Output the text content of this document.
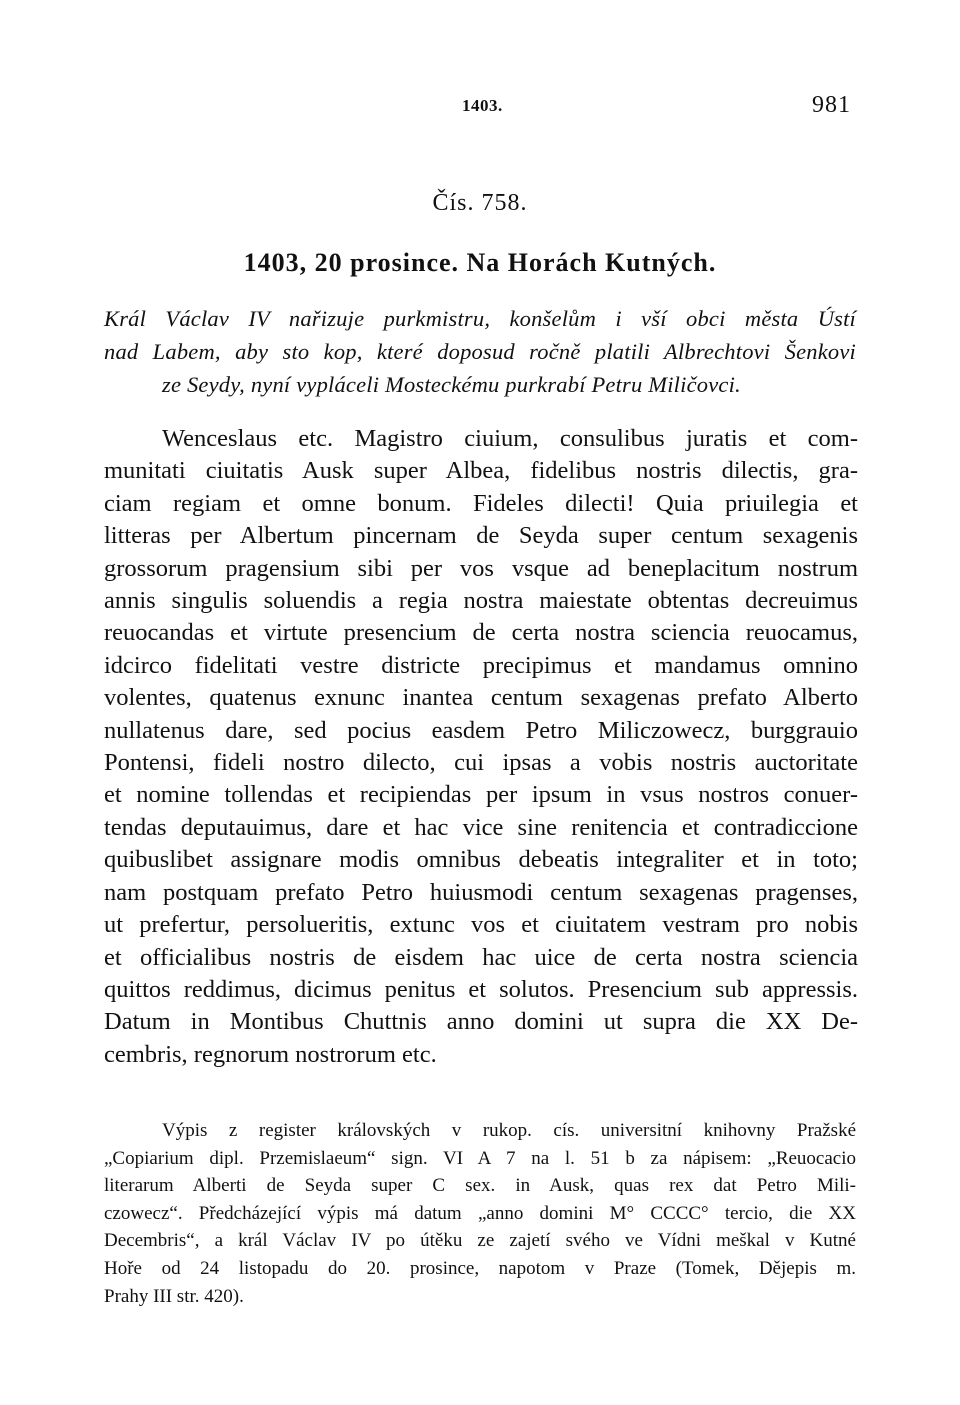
1403.	981
Čís. 758.
1403, 20 prosince. Na Horách Kutných.

Král Václav IV nařizuje purkmistru, konšelům i vší obci města Ústí
nad Labem, aby sto kop, které doposud ročně platili Albrechtovi Šenkovi
ze Seydy, nyní vypláceli Mosteckému purkrabí Petru Miličovci.

Wenceslaus etc. Magistro ciuium, consulibus juratis et com-
munitati ciuitatis Ausk super Albea, fidelibus nostris dilectis, gra-
ciam regiam et omne bonum. Fideles dilecti! Quia priuilegia et
litteras per Albertum pincernam de Seyda super centum sexagenis
grossorum pragensium sibi per vos vsque ad beneplacitum nostrum
annis singulis soluendis a regia nostra maiestate obtentas decreuimus
reuocandas et virtute presencium de certa nostra sciencia reuocamus,
idcirco fidelitati vestre districte precipimus et mandamus omnino
volentes, quatenus exnunc inantea centum sexagenas prefato Alberto
nullatenus dare, sed pocius easdem Petro Miliczowecz, burggrauio
Pontensi, fideli nostro dilecto, cui ipsas a vobis nostris auctoritate
et nomine tollendas et recipiendas per ipsum in vsus nostros conuer-
tendas deputauimus, dare et hac vice sine renitencia et contradiccione
quibuslibet assignare modis omnibus debeatis integraliter et in toto;
nam postquam prefato Petro huiusmodi centum sexagenas pragenses,
ut prefertur, persolueritis, extunc vos et ciuitatem vestram pro nobis
et officialibus nostris de eisdem hac uice de certa nostra sciencia
quittos reddimus, dicimus penitus et solutos. Presencium sub appressis.
Datum in Montibus Chuttnis anno domini ut supra die XX De-
cembris, regnorum nostrorum etc.

Výpis z register královských v rukop. cís. universitní knihovny Pražské
„Copiarium dipl. Przemislaeum“ sign. VI A 7 na l. 51 b za nápisem: „Reuocacio
literarum Alberti de Seyda super C sex. in Ausk, quas rex dat Petro Mili-
czowecz“. Předcházející výpis má datum „anno domini M° CCCC° tercio, die XX
Decembris“, a král Václav IV po útěku ze zajetí svého ve Vídni meškal v Kutné
Hoře od 24 listopadu do 20. prosince, napotom v Praze (Tomek, Dějepis m.
Prahy III str. 420).
